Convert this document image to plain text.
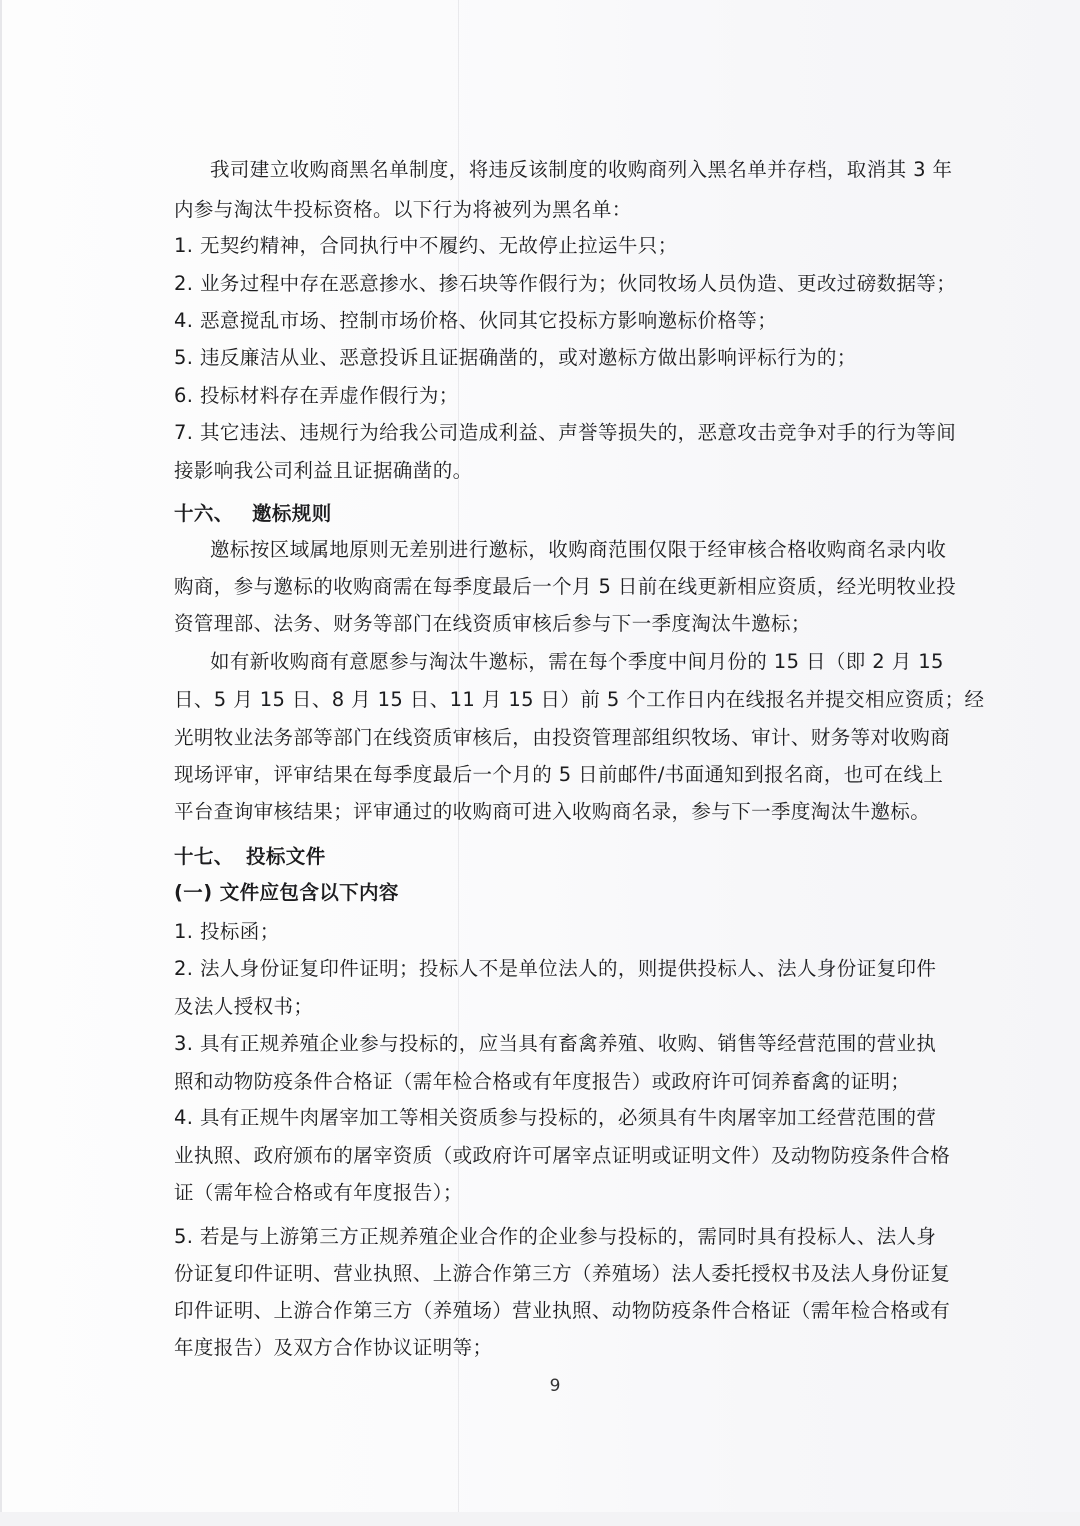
我司建立收购商黑名单制度，将违反该制度的收购商列入黑名单并存档，取消其 3 年
内参与淘汰牛投标资格。以下行为将被列为黑名单：
1. 无契约精神，合同执行中不履约、无故停止拉运牛只；
2. 业务过程中存在恶意掺水、掺石块等作假行为；伙同牧场人员伪造、更改过磅数据等；
4. 恶意搅乱市场、控制市场价格、伙同其它投标方影响邀标价格等；
5. 违反廉洁从业、恶意投诉且证据确凿的，或对邀标方做出影响评标行为的；
6. 投标材料存在弄虚作假行为；
7. 其它违法、违规行为给我公司造成利益、声誉等损失的，恶意攻击竞争对手的行为等间
接影响我公司利益且证据确凿的。
十六、 邀标规则
邀标按区域属地原则无差别进行邀标，收购商范围仅限于经审核合格收购商名录内收
购商，参与邀标的收购商需在每季度最后一个月 5 日前在线更新相应资质，经光明牧业投
资管理部、法务、财务等部门在线资质审核后参与下一季度淘汰牛邀标；
如有新收购商有意愿参与淘汰牛邀标，需在每个季度中间月份的 15 日（即 2 月 15
日、5 月 15 日、8 月 15 日、11 月 15 日）前 5 个工作日内在线报名并提交相应资质；经
光明牧业法务部等部门在线资质审核后，由投资管理部组织牧场、审计、财务等对收购商
现场评审，评审结果在每季度最后一个月的 5 日前邮件/书面通知到报名商，也可在线上
平台查询审核结果；评审通过的收购商可进入收购商名录，参与下一季度淘汰牛邀标。
十七、 投标文件
(一) 文件应包含以下内容
1. 投标函；
2. 法人身份证复印件证明；投标人不是单位法人的，则提供投标人、法人身份证复印件
及法人授权书；
3. 具有正规养殖企业参与投标的，应当具有畜禽养殖、收购、销售等经营范围的营业执
照和动物防疫条件合格证（需年检合格或有年度报告）或政府许可饲养畜禽的证明；
4. 具有正规牛肉屠宰加工等相关资质参与投标的，必须具有牛肉屠宰加工经营范围的营
业执照、政府颁布的屠宰资质（或政府许可屠宰点证明或证明文件）及动物防疫条件合格
证（需年检合格或有年度报告）；
5. 若是与上游第三方正规养殖企业合作的企业参与投标的，需同时具有投标人、法人身
份证复印件证明、营业执照、上游合作第三方（养殖场）法人委托授权书及法人身份证复
印件证明、上游合作第三方（养殖场）营业执照、动物防疫条件合格证（需年检合格或有
年度报告）及双方合作协议证明等；
9
